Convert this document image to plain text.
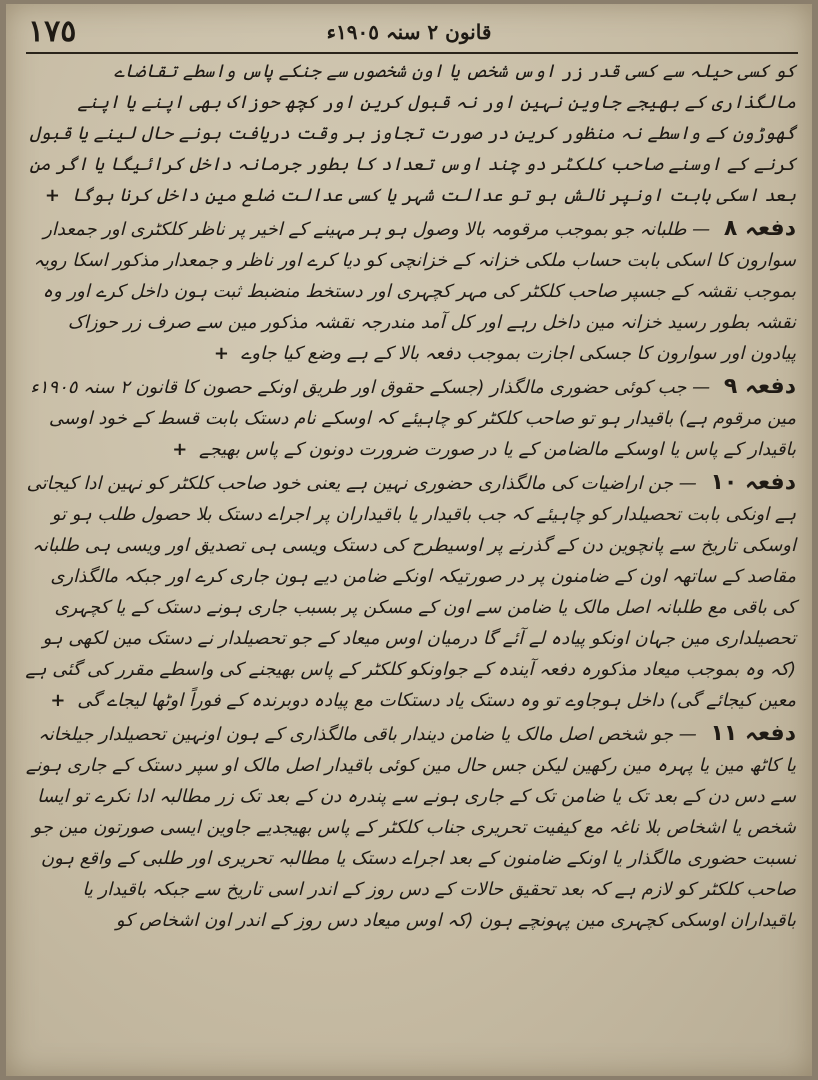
١٧٥	قانون ٢ سنہ ١٩٠٥ء

کو کسی حیلہ سے کسی قدر زر اوس شخص یا اون شخصوں سے جنکے پاس واسطے تقاضاے مالگذاری کے بھیجے جاوین نہین اور نہ قبول کرین اور کچھ حوزاک بھی اپنے یا اپنے گھوڑون کے واسطے نہ منظور کرین در صورت تجاوز بر وقت دریافت ہونے حال لینے یا قبول کرنے کے اوسنے صاحب کلکٹر دو چند اوس تعداد کا بطور جرمانہ داخل کرائیگا یا اگر من بعد اسکی بابت اونپر نالش ہو تو عدالت شہر یا کسی عدالت ضلع مین داخل کرنا ہوگا +

دفعہ ٨ — طلبانہ جو بموجب مرقومہ بالا وصول ہو ہر مہینے کے اخیر پر ناظر کلکٹری اور جمعدار سوارون کا اسکی بابت حساب ملکی خزانہ کے خزانچی کو دیا کرے اور ناظر و جمعدار مذکور اسکا رویہ بموجب نقشہ کے جسپر صاحب کلکٹر کی مہر کچہری اور دستخط منضبط ثبت ہون داخل کرے اور وہ نقشہ بطور رسید خزانہ مین داخل رہے اور کل آمد مندرجہ نقشہ مذکور مین سے صرف زر حوزاک پیادون اور سوارون کا جسکی اجازت بموجب دفعہ بالا کے ہے وضع کیا جاوے +

دفعہ ٩ — جب کوئی حضوری مالگذار (جسکے حقوق اور طریق اونکے حصون کا قانون ٢ سنہ ١٩٠٥ء مین مرقوم ہے) باقیدار ہو تو صاحب کلکٹر کو چاہیئے کہ اوسکے نام دستک بابت قسط کے خود اوسی باقیدار کے پاس یا اوسکے مالضامن کے یا در صورت ضرورت دونون کے پاس بھیجے +

دفعہ ١٠ — جن اراضیات کی مالگذاری حضوری نہین ہے یعنی خود صاحب کلکٹر کو نہین ادا کیجاتی ہے اونکی بابت تحصیلدار کو چاہیئے کہ جب باقیدار یا باقیداران پر اجراے دستک بلا حصول طلب ہو تو اوسکی تاریخ سے پانچوین دن کے گذرنے پر اوسیطرح کی دستک ویسی ہی تصدیق اور ویسی ہی طلبانہ مقاصد کے ساتھہ اون کے ضامنون پر در صورتیکہ اونکے ضامن دیے ہون جاری کرے اور جبکہ مالگذاری کی باقی مع طلبانہ اصل مالک یا ضامن سے اون کے مسکن پر بسبب جاری ہونے دستک کے یا کچہری تحصیلداری مین جہان اونکو پیادہ لے آئے گا درمیان اوس میعاد کے جو تحصیلدار نے دستک مین لکھی ہو (کہ وہ بموجب میعاد مذکورہ دفعہ آیندہ کے جواونکو کلکٹر کے پاس بھیجنے کی واسطے مقرر کی گئی ہے معین کیجائے گی) داخل ہوجاوے تو وہ دستک یاد دستکات مع پیادہ دوبرندہ کے فوراً اوٹھا لیجاے گی +

دفعہ ١١ — جو شخص اصل مالک یا ضامن دیندار باقی مالگذاری کے ہون اونہین تحصیلدار جیلخانہ یا کاٹھ مین یا پہرہ مین رکھین لیکن جس حال مین کوئی باقیدار اصل مالک او سپر دستک کے جاری ہونے سے دس دن کے بعد تک یا ضامن تک کے جاری ہونے سے پندرہ دن کے بعد تک زر مطالبہ ادا نکرے تو ایسا شخص یا اشخاص بلا ناغہ مع کیفیت تحریری جناب کلکٹر کے پاس بھیجدیے جاوین ایسی صورتون مین جو نسبت حضوری مالگذار یا اونکے ضامنون کے بعد اجراے دستک یا مطالبہ تحریری اور طلبی کے واقع ہون صاحب کلکٹر کو لازم ہے کہ بعد تحقیق حالات کے دس روز کے اندر اسی تاریخ سے جبکہ باقیدار یا باقیداران اوسکی کچہری مین پہونچے ہون (کہ اوس میعاد دس روز کے اندر اون اشخاص کو
